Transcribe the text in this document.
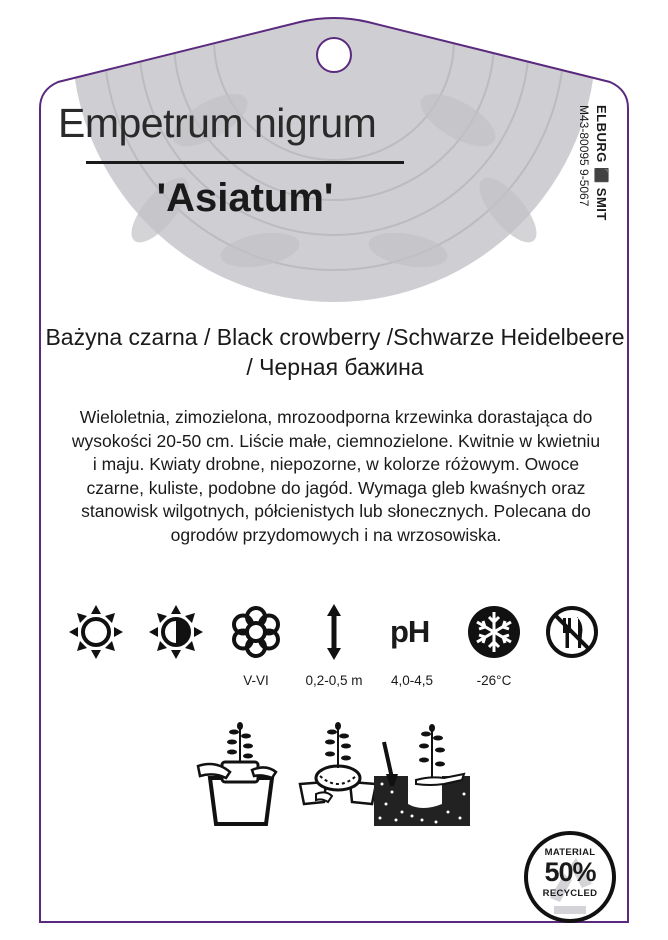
Empetrum nigrum
'Asiatum'	ELBURG ⬛ SMIT
M43-80095 9-5067
Bażyna czarna / Black crowberry /Schwarze Heidelbeere / Черная бажина
Wieloletnia, zimozielona, mrozoodporna krzewinka dorastająca do wysokości 20-50 cm. Liście małe, ciemnozielone. Kwitnie w kwietniu i maju. Kwiaty drobne, niepozorne, w kolorze różowym. Owoce czarne, kuliste, podobne do jagód. Wymaga gleb kwaśnych oraz stanowisk wilgotnych, półcienistych lub słonecznych. Polecana do ogrodów przydomowych i na wrzosowiska.
pH
V-VI	0,2-0,5 m	4,0-4,5	-26°C
MATERIAL
50%
RECYCLED
